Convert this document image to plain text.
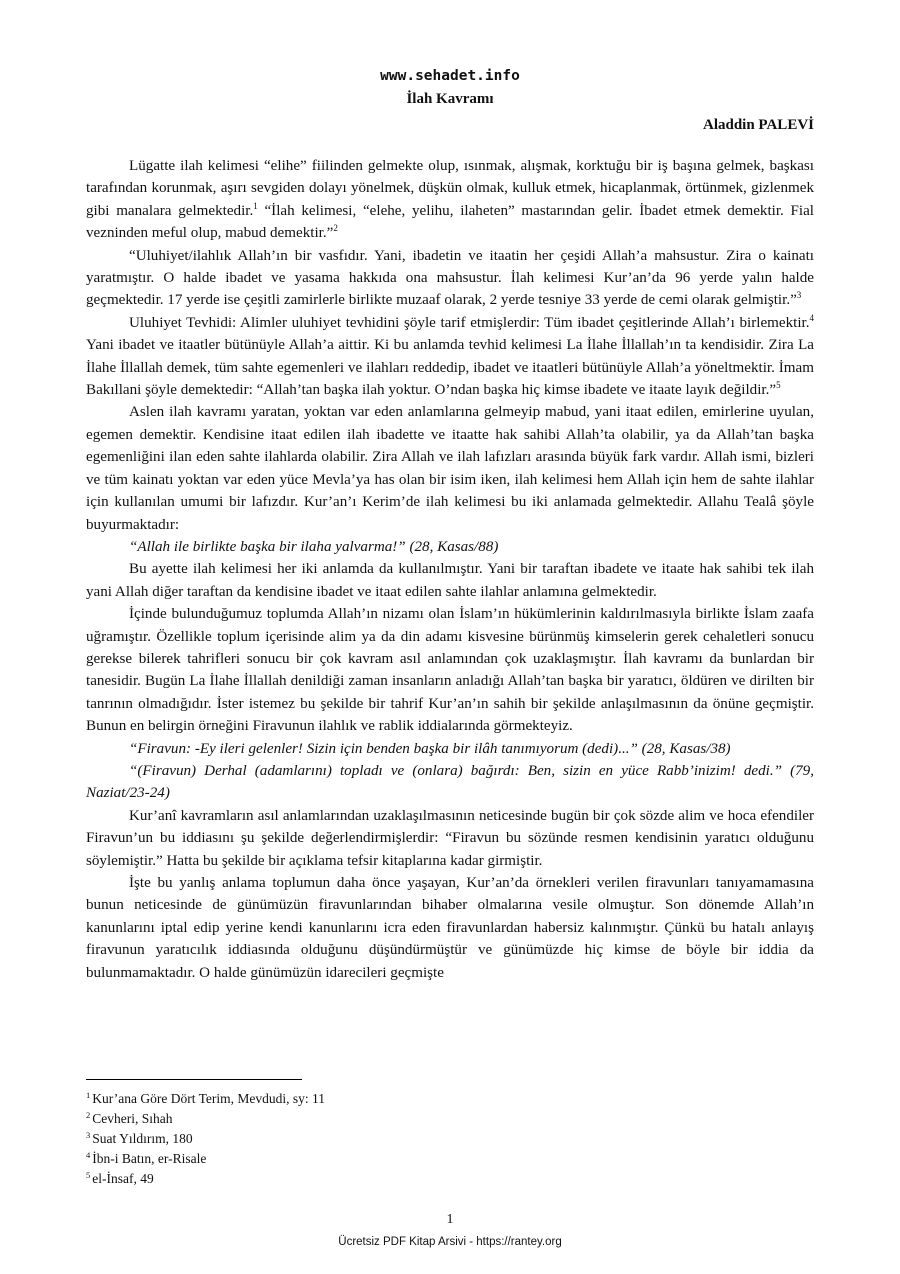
www.sehadet.info
İlah Kavramı
Aladdin PALEVİ

Lügatte ilah kelimesi “elihe” fiilinden gelmekte olup, ısınmak, alışmak, korktuğu bir iş başına gelmek, başkası tarafından korunmak, aşırı sevgiden dolayı yönelmek, düşkün olmak, kulluk etmek, hicaplanmak, örtünmek, gizlenmek gibi manalara gelmektedir.$^1$ “İlah kelimesi, “elehe, yelihu, ilaheten” mastarından gelir. İbadet etmek demektir. Fial vezninden meful olup, mabud demektir.”$^2$

“Uluhiyet/ilahlık Allah’ın bir vasfıdır. Yani, ibadetin ve itaatin her çeşidi Allah’a mahsustur. Zira o kainatı yaratmıştır. O halde ibadet ve yasama hakkıda ona mahsustur. İlah kelimesi Kur’an’da 96 yerde yalın halde geçmektedir. 17 yerde ise çeşitli zamirlerle birlikte muzaaf olarak, 2 yerde tesniye 33 yerde de cemi olarak gelmiştir.”$^3$

Uluhiyet Tevhidi: Alimler uluhiyet tevhidini şöyle tarif etmişlerdir: Tüm ibadet çeşitlerinde Allah’ı birlemektir.$^4$ Yani ibadet ve itaatler bütünüyle Allah’a aittir. Ki bu anlamda tevhid kelimesi La İlahe İllallah’ın ta kendisidir. Zira La İlahe İllallah demek, tüm sahte egemenleri ve ilahları reddedip, ibadet ve itaatleri bütünüyle Allah’a yöneltmektir. İmam Bakıllani şöyle demektedir: “Allah’tan başka ilah yoktur. O’ndan başka hiç kimse ibadete ve itaate layık değildir.”$^5$

Aslen ilah kavramı yaratan, yoktan var eden anlamlarına gelmeyip mabud, yani itaat edilen, emirlerine uyulan, egemen demektir. Kendisine itaat edilen ilah ibadette ve itaatte hak sahibi Allah’ta olabilir, ya da Allah’tan başka egemenliğini ilan eden sahte ilahlarda olabilir. Zira Allah ve ilah lafızları arasında büyük fark vardır. Allah ismi, bizleri ve tüm kainatı yoktan var eden yüce Mevla’ya has olan bir isim iken, ilah kelimesi hem Allah için hem de sahte ilahlar için kullanılan umumi bir lafızdır. Kur’an’ı Kerim’de ilah kelimesi bu iki anlamada gelmektedir. Allahu Tealâ şöyle buyurmaktadır:

“Allah ile birlikte başka bir ilaha yalvarma!” (28, Kasas/88)

Bu ayette ilah kelimesi her iki anlamda da kullanılmıştır. Yani bir taraftan ibadete ve itaate hak sahibi tek ilah yani Allah diğer taraftan da kendisine ibadet ve itaat edilen sahte ilahlar anlamına gelmektedir.

İçinde bulunduğumuz toplumda Allah’ın nizamı olan İslam’ın hükümlerinin kaldırılmasıyla birlikte İslam zaafa uğramıştır. Özellikle toplum içerisinde alim ya da din adamı kisvesine bürünmüş kimselerin gerek cehaletleri sonucu gerekse bilerek tahrifleri sonucu bir çok kavram asıl anlamından çok uzaklaşmıştır. İlah kavramı da bunlardan bir tanesidir. Bugün La İlahe İllallah denildiği zaman insanların anladığı Allah’tan başka bir yaratıcı, öldüren ve dirilten bir tanrının olmadığıdır. İster istemez bu şekilde bir tahrif Kur’an’ın sahih bir şekilde anlaşılmasının da önüne geçmiştir. Bunun en belirgin örneğini Firavunun ilahlık ve rablik iddialarında görmekteyiz.

“Firavun: -Ey ileri gelenler! Sizin için benden başka bir ilâh tanımıyorum (dedi)...” (28, Kasas/38)

“(Firavun) Derhal (adamlarını) topladı ve (onlara) bağırdı: Ben, sizin en yüce Rabb’inizim! dedi.” (79, Naziat/23-24)

Kur’anî kavramların asıl anlamlarından uzaklaşılmasının neticesinde bugün bir çok sözde alim ve hoca efendiler Firavun’un bu iddiasını şu şekilde değerlendirmişlerdir: “Firavun bu sözünde resmen kendisinin yaratıcı olduğunu söylemiştir.” Hatta bu şekilde bir açıklama tefsir kitaplarına kadar girmiştir.

İşte bu yanlış anlama toplumun daha önce yaşayan, Kur’an’da örnekleri verilen firavunları tanıyamamasına bunun neticesinde de günümüzün firavunlarından bihaber olmalarına vesile olmuştur. Son dönemde Allah’ın kanunlarını iptal edip yerine kendi kanunlarını icra eden firavunlardan habersiz kalınmıştır. Çünkü bu hatalı anlayış firavunun yaratıcılık iddiasında olduğunu düşündürmüştür ve günümüzde hiç kimse de böyle bir iddia da bulunmamaktadır. O halde günümüzün idarecileri geçmişte

$^1$ Kur’ana Göre Dört Terim, Mevdudi, sy: 11
$^2$ Cevheri, Sıhah
$^3$ Suat Yıldırım, 180
$^4$ İbn-i Batın, er-Risale
$^5$ el-İnsaf, 49
1
Ücretsiz PDF Kitap Arsivi - https://rantey.org
